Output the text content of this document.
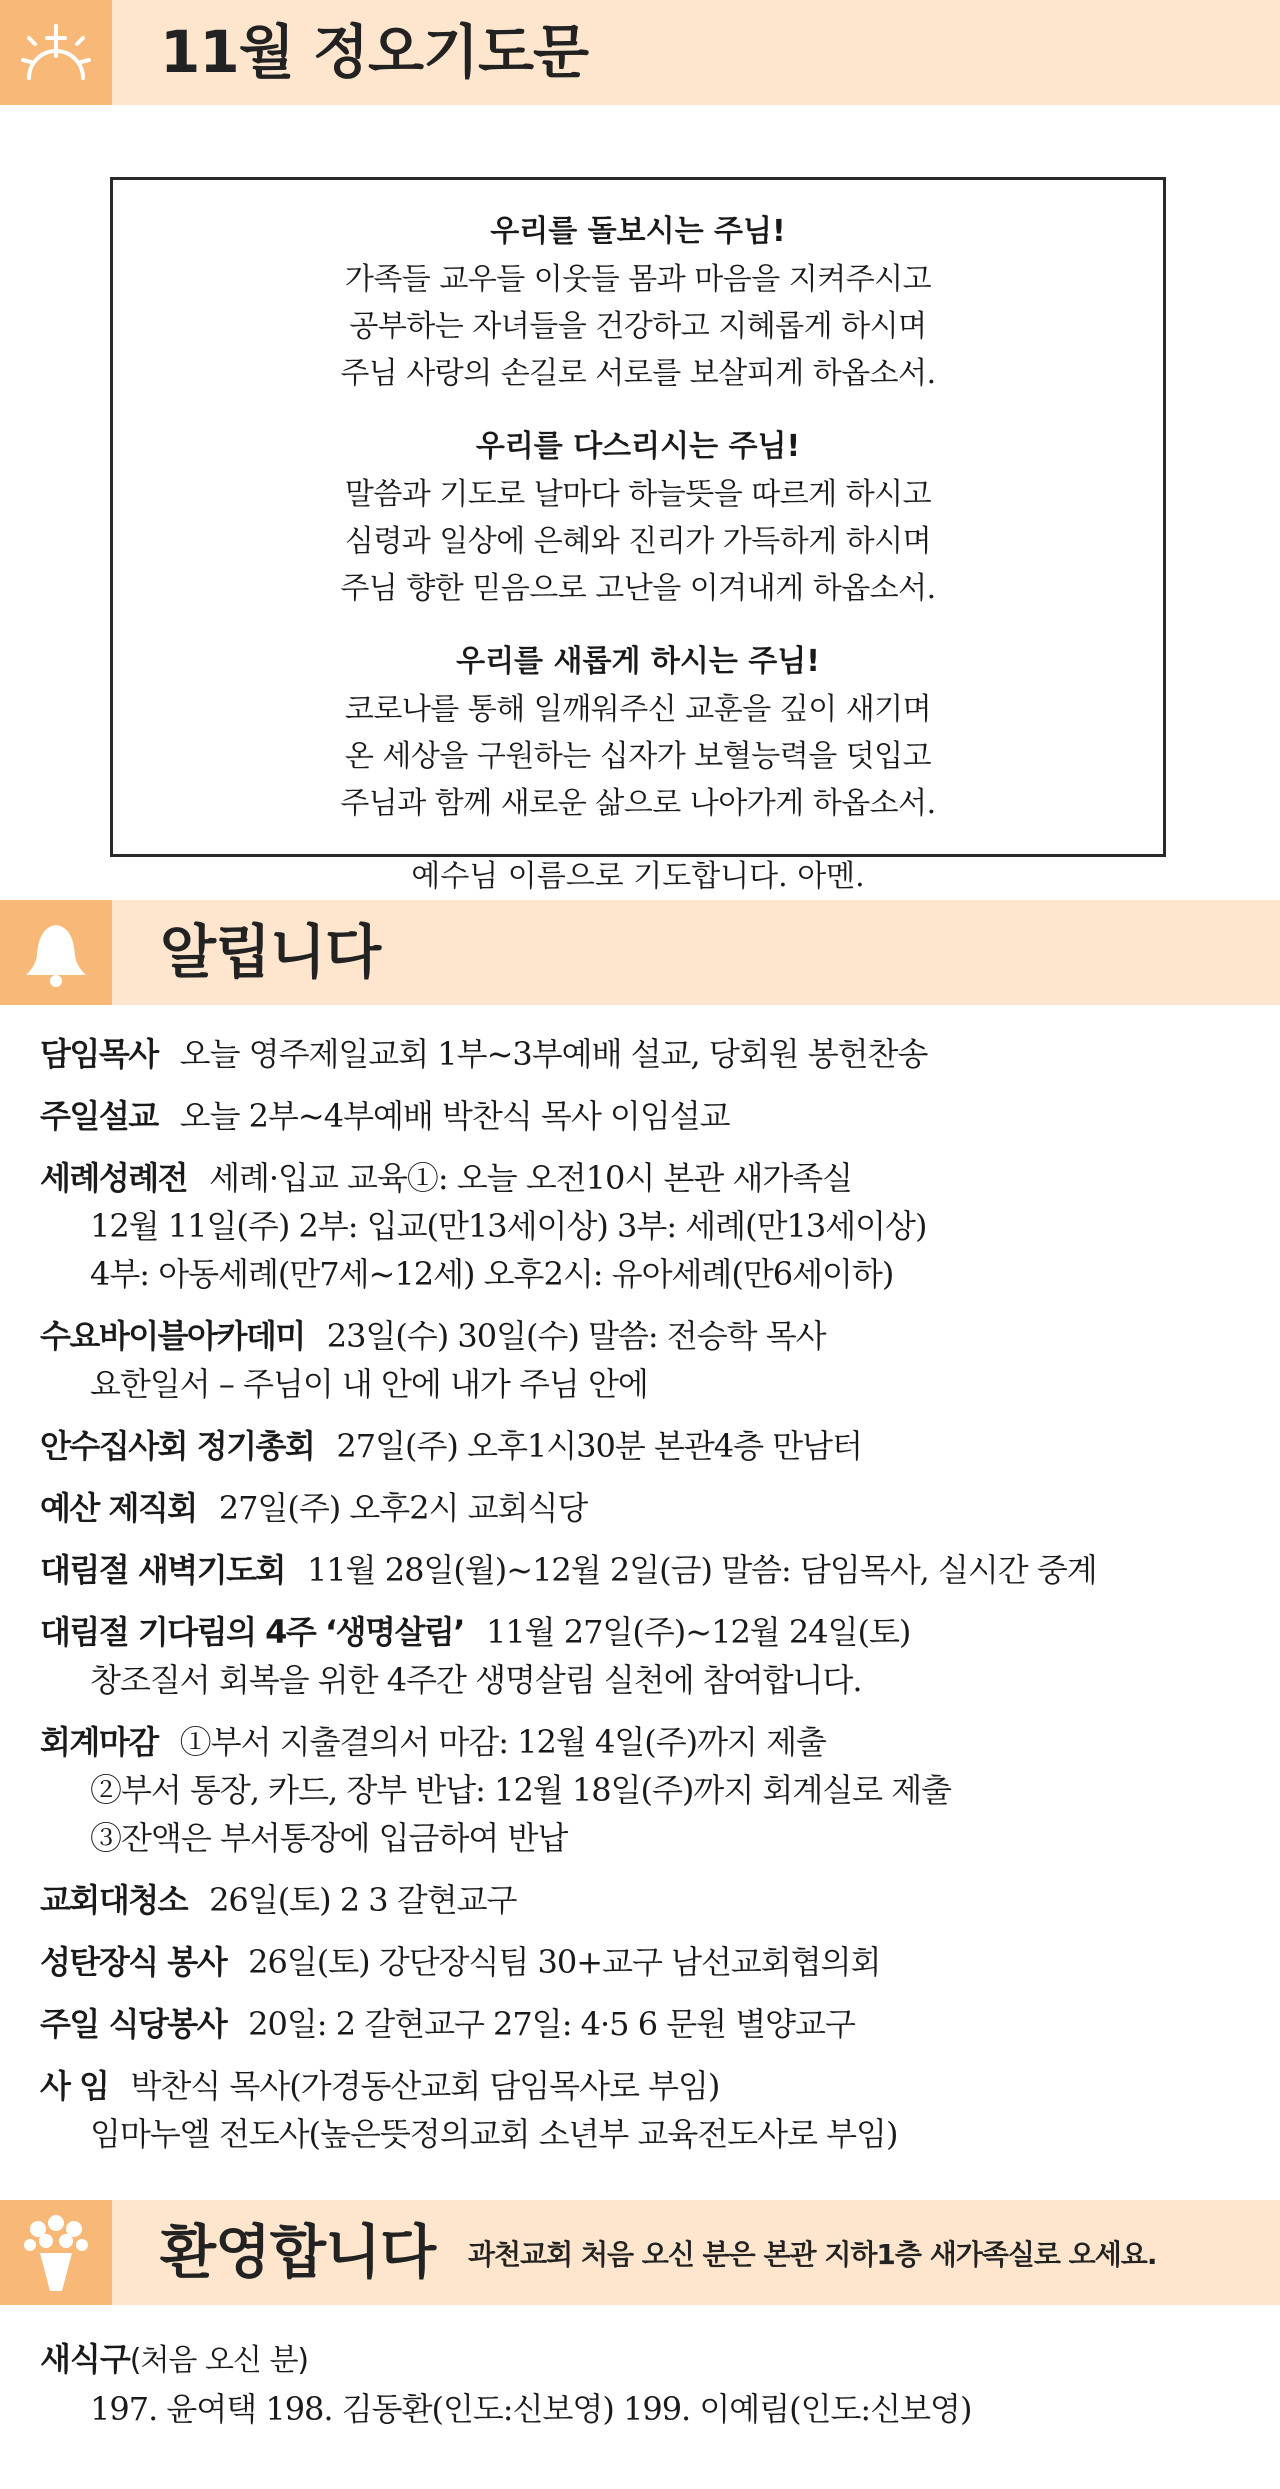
11월 정오기도문
우리를 돌보시는 주님!
가족들 교우들 이웃들 몸과 마음을 지켜주시고
공부하는 자녀들을 건강하고 지혜롭게 하시며
주님 사랑의 손길로 서로를 보살피게 하옵소서.
우리를 다스리시는 주님!
말씀과 기도로 날마다 하늘뜻을 따르게 하시고
심령과 일상에 은혜와 진리가 가득하게 하시며
주님 향한 믿음으로 고난을 이겨내게 하옵소서.
우리를 새롭게 하시는 주님!
코로나를 통해 일깨워주신 교훈을 깊이 새기며
온 세상을 구원하는 십자가 보혈능력을 덧입고
주님과 함께 새로운 삶으로 나아가게 하옵소서.
예수님 이름으로 기도합니다. 아멘.
알립니다
담임목사 오늘 영주제일교회 1부~3부예배 설교, 당회원 봉헌찬송
주일설교 오늘 2부~4부예배 박찬식 목사 이임설교
세례성례전 세례·입교 교육①: 오늘 오전10시 본관 새가족실
12월 11일(주) 2부: 입교(만13세이상) 3부: 세례(만13세이상)
4부: 아동세례(만7세~12세) 오후2시: 유아세례(만6세이하)
수요바이블아카데미 23일(수) 30일(수) 말씀: 전승학 목사
요한일서 – 주님이 내 안에 내가 주님 안에
안수집사회 정기총회 27일(주) 오후1시30분 본관4층 만남터
예산 제직회 27일(주) 오후2시 교회식당
대림절 새벽기도회 11월 28일(월)~12월 2일(금) 말씀: 담임목사, 실시간 중계
대림절 기다림의 4주 ‘생명살림’ 11월 27일(주)~12월 24일(토)
창조질서 회복을 위한 4주간 생명살림 실천에 참여합니다.
회계마감 ①부서 지출결의서 마감: 12월 4일(주)까지 제출
②부서 통장, 카드, 장부 반납: 12월 18일(주)까지 회계실로 제출
③잔액은 부서통장에 입금하여 반납
교회대청소 26일(토) 2 3 갈현교구
성탄장식 봉사 26일(토) 강단장식팀 30+교구 남선교회협의회
주일 식당봉사 20일: 2 갈현교구 27일: 4·5 6 문원 별양교구
사 임 박찬식 목사(가경동산교회 담임목사로 부임)
임마누엘 전도사(높은뜻정의교회 소년부 교육전도사로 부임)
환영합니다 과천교회 처음 오신 분은 본관 지하1층 새가족실로 오세요.
새식구(처음 오신 분)
197. 윤여택 198. 김동환(인도:신보영) 199. 이예림(인도:신보영)
